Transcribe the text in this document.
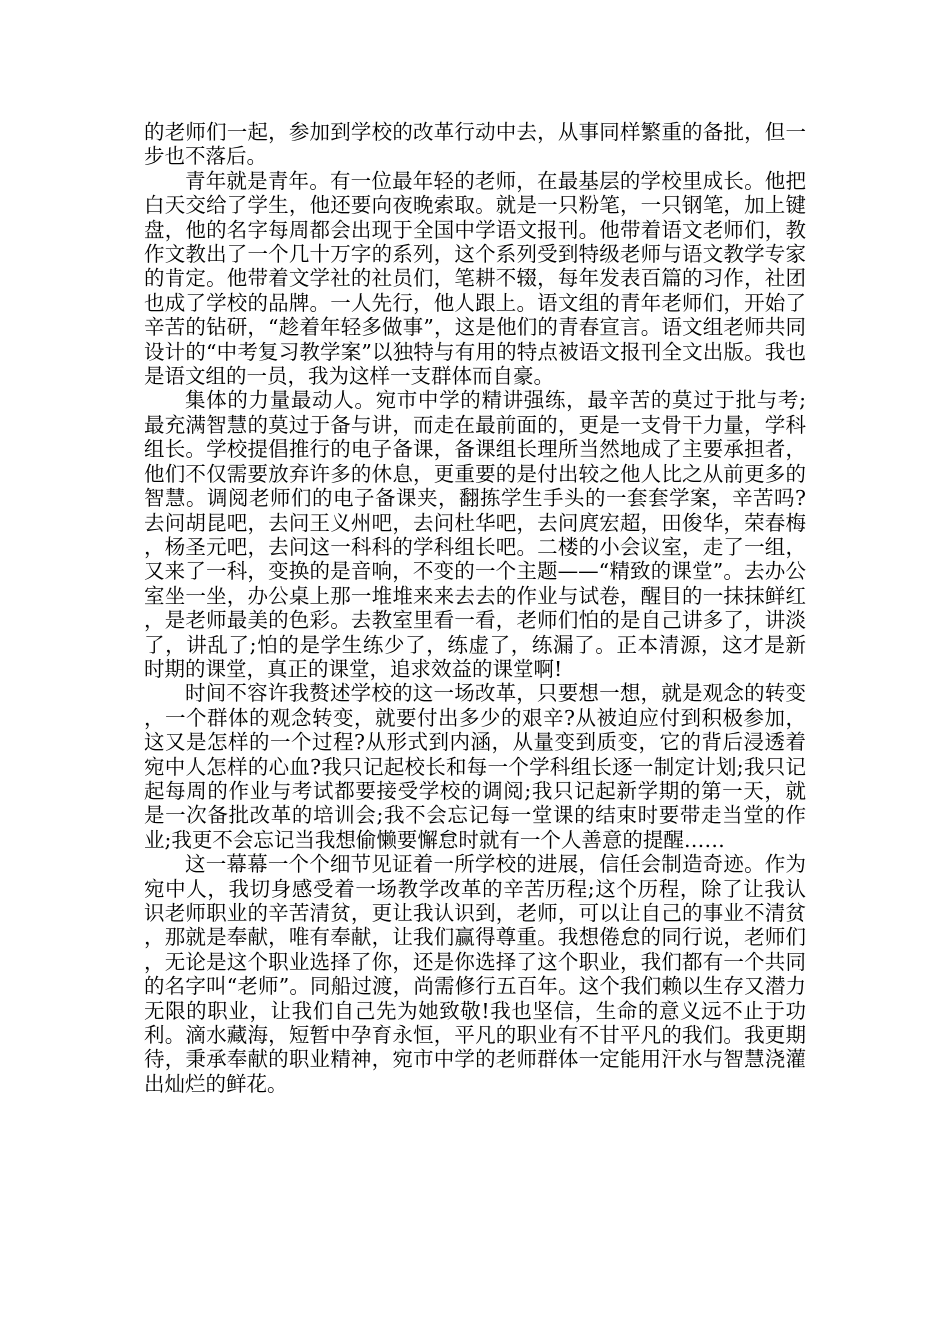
的老师们一起，参加到学校的改革行动中去，从事同样繁重的备批，但一步也不落后。

青年就是青年。有一位最年轻的老师，在最基层的学校里成长。他把白天交给了学生，他还要向夜晚索取。就是一只粉笔，一只钢笔，加上键盘，他的名字每周都会出现于全国中学语文报刊。他带着语文老师们，教作文教出了一个几十万字的系列，这个系列受到特级老师与语文教学专家的肯定。他带着文学社的社员们，笔耕不辍，每年发表百篇的习作，社团也成了学校的品牌。一人先行，他人跟上。语文组的青年老师们，开始了辛苦的钻研，“趁着年轻多做事”，这是他们的青春宣言。语文组老师共同设计的“中考复习教学案”以独特与有用的特点被语文报刊全文出版。我也是语文组的一员，我为这样一支群体而自豪。

集体的力量最动人。宛市中学的精讲强练，最辛苦的莫过于批与考;最充满智慧的莫过于备与讲，而走在最前面的，更是一支骨干力量，学科组长。学校提倡推行的电子备课，备课组长理所当然地成了主要承担者，他们不仅需要放弃许多的休息，更重要的是付出较之他人比之从前更多的智慧。调阅老师们的电子备课夹，翻拣学生手头的一套套学案，辛苦吗?去问胡昆吧，去问王义州吧，去问杜华吧，去问庹宏超，田俊华，荣春梅，杨圣元吧，去问这一科科的学科组长吧。二楼的小会议室，走了一组，又来了一科，变换的是音响，不变的一个主题——“精致的课堂”。去办公室坐一坐，办公桌上那一堆堆来来去去的作业与试卷，醒目的一抹抹鲜红，是老师最美的色彩。去教室里看一看，老师们怕的是自己讲多了，讲淡了，讲乱了;怕的是学生练少了，练虚了，练漏了。正本清源，这才是新时期的课堂，真正的课堂，追求效益的课堂啊!

时间不容许我赘述学校的这一场改革，只要想一想，就是观念的转变，一个群体的观念转变，就要付出多少的艰辛?从被迫应付到积极参加，这又是怎样的一个过程?从形式到内涵，从量变到质变，它的背后浸透着宛中人怎样的心血?我只记起校长和每一个学科组长逐一制定计划;我只记起每周的作业与考试都要接受学校的调阅;我只记起新学期的第一天，就是一次备批改革的培训会;我不会忘记每一堂课的结束时要带走当堂的作业;我更不会忘记当我想偷懒要懈怠时就有一个人善意的提醒……

这一幕幕一个个细节见证着一所学校的进展，信任会制造奇迹。作为宛中人，我切身感受着一场教学改革的辛苦历程;这个历程，除了让我认识老师职业的辛苦清贫，更让我认识到，老师，可以让自己的事业不清贫，那就是奉献，唯有奉献，让我们赢得尊重。我想倦怠的同行说，老师们，无论是这个职业选择了你，还是你选择了这个职业，我们都有一个共同的名字叫“老师”。同船过渡，尚需修行五百年。这个我们赖以生存又潜力无限的职业，让我们自己先为她致敬!我也坚信，生命的意义远不止于功利。滴水藏海，短暂中孕育永恒，平凡的职业有不甘平凡的我们。我更期待，秉承奉献的职业精神，宛市中学的老师群体一定能用汗水与智慧浇灌出灿烂的鲜花。
